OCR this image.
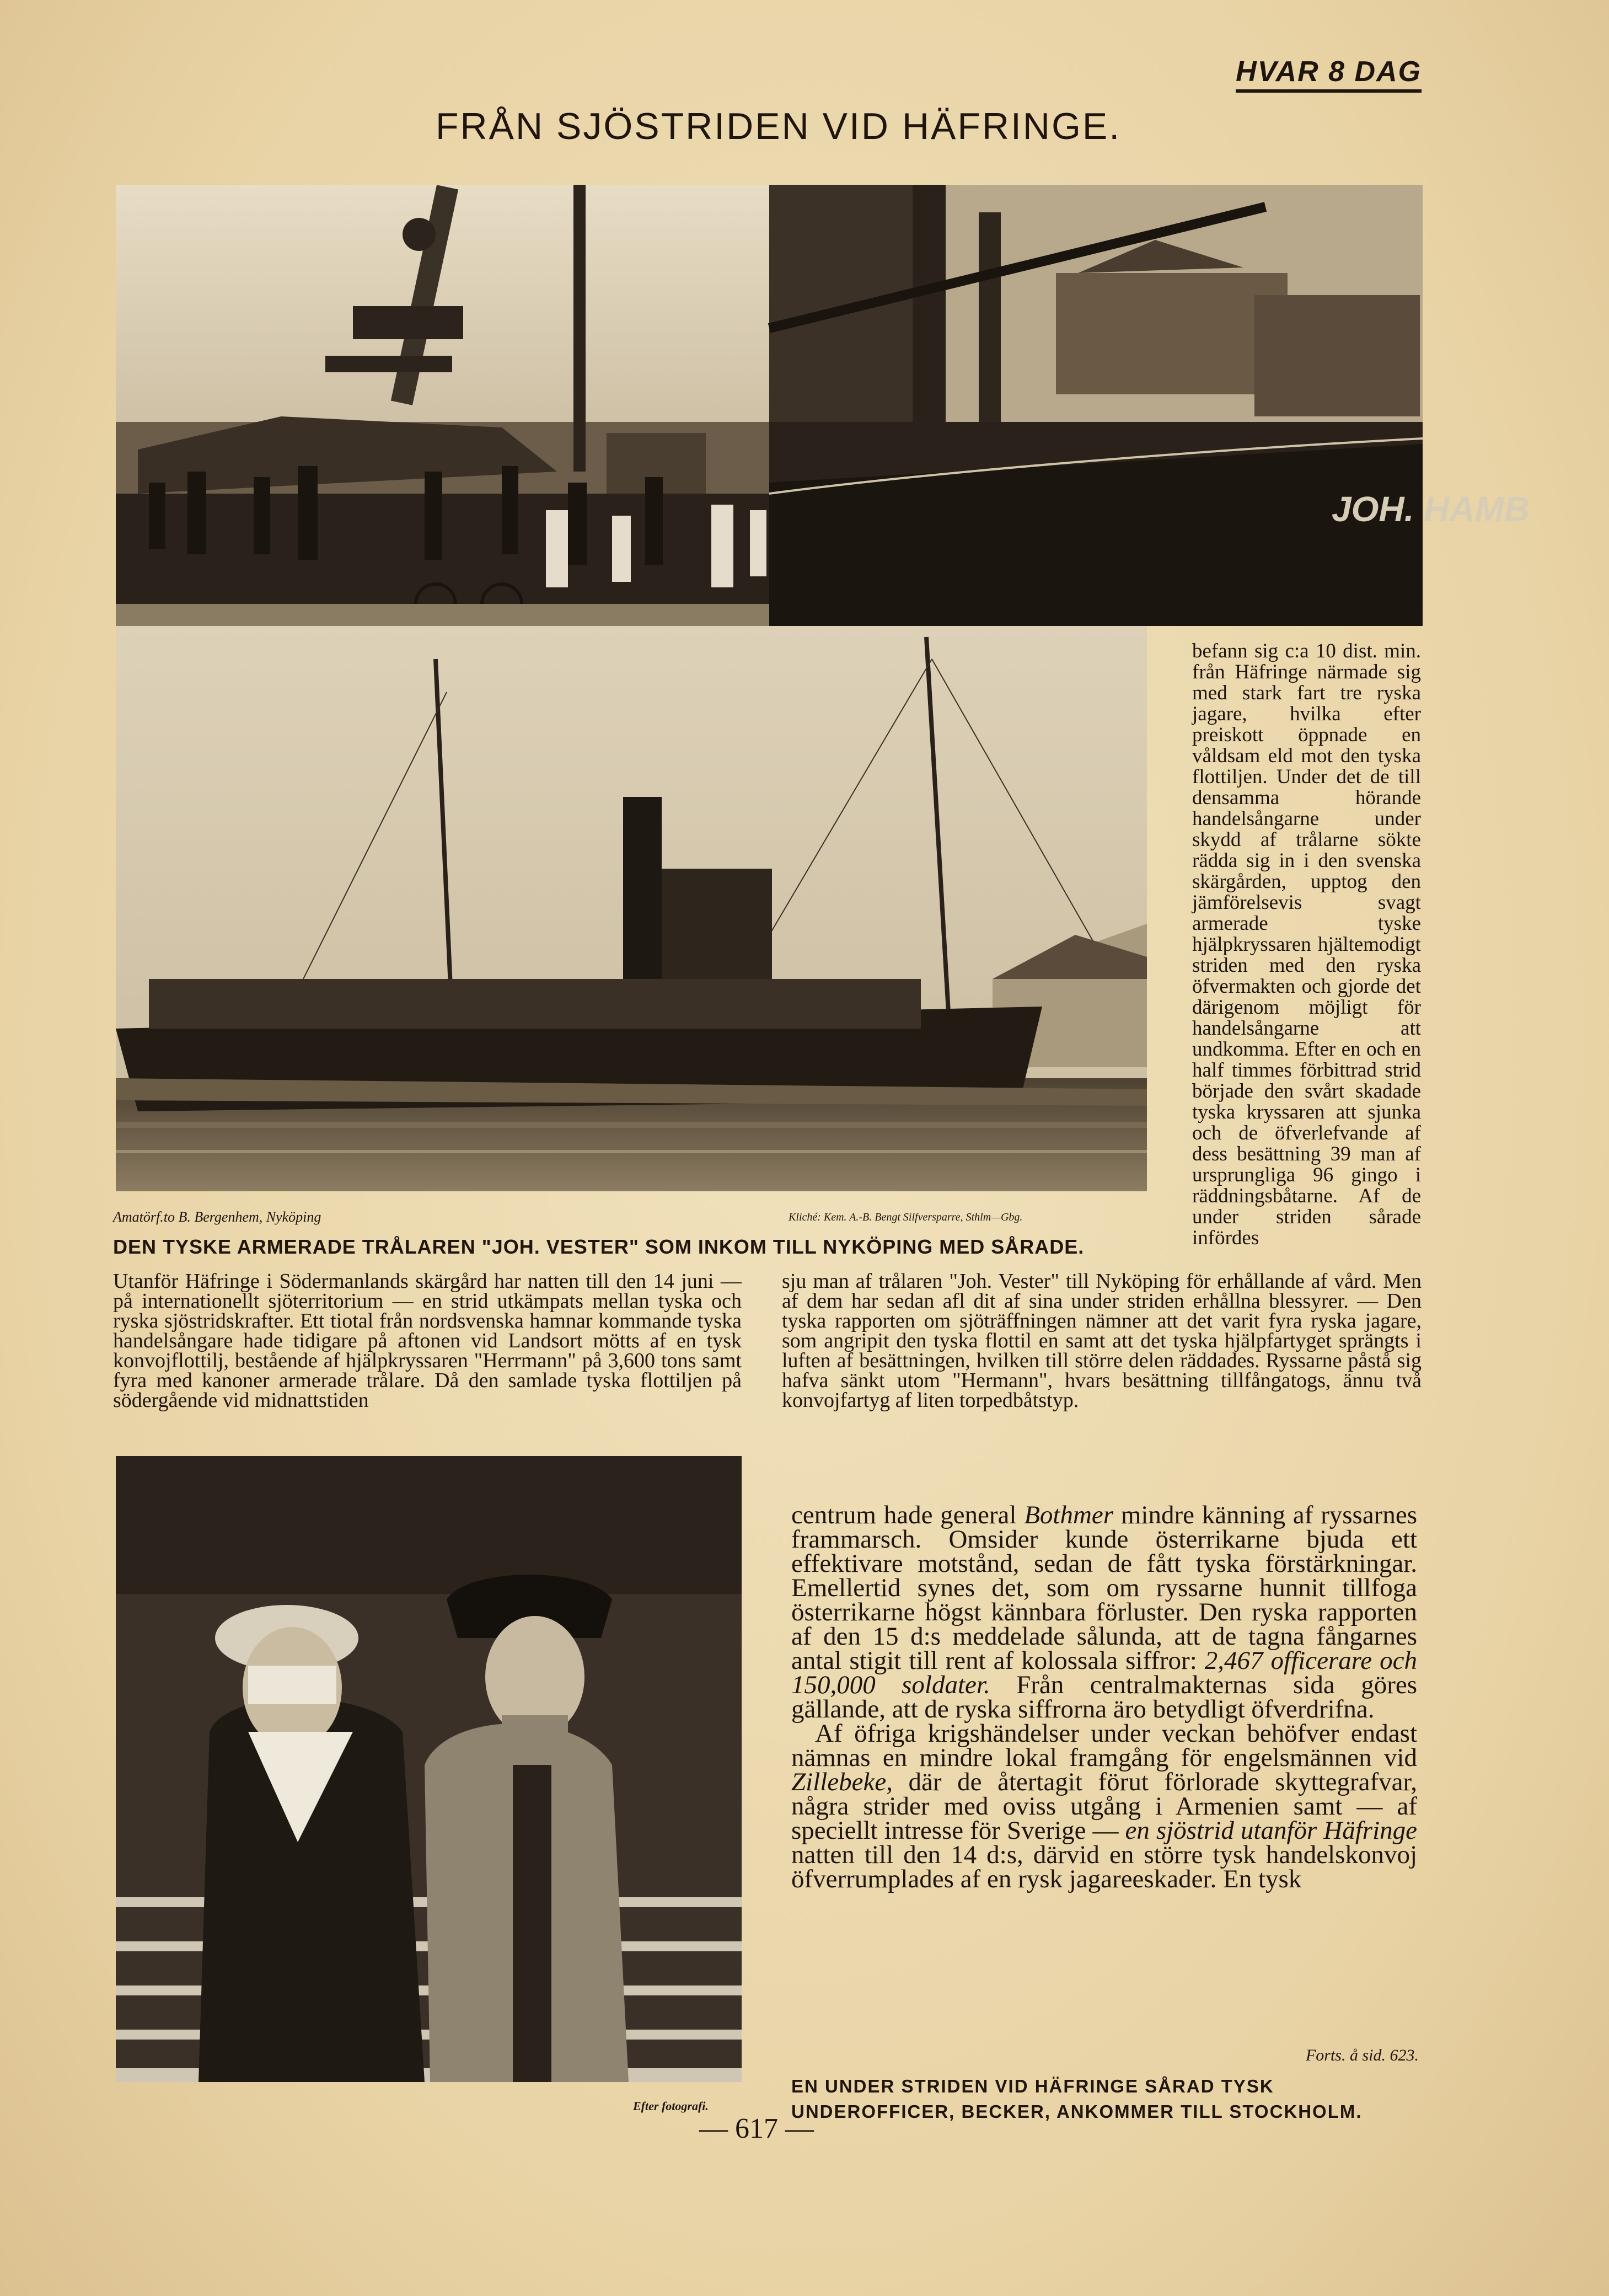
HVAR 8 DAG
FRÅN SJÖSTRIDEN VID HÄFRINGE.
JOH. HAMB
Amatörf.to B. Bergenhem, Nyköping	Kliché: Kem. A.-B. Bengt Silfversparre, Sthlm—Gbg.
DEN TYSKE ARMERADE TRÅLAREN "JOH. VESTER" SOM INKOM TILL NYKÖPING MED SÅRADE.
befann sig c:a 10 dist. min. från Häfringe närmade sig med stark fart tre ryska jagare, hvilka efter preiskott öppnade en våldsam eld mot den tyska flottiljen. Under det de till densamma hörande handelsångarne under skydd af trålarne sökte rädda sig in i den svenska skärgården, upptog den jämförelsevis svagt armerade tyske hjälpkryssaren hjältemodigt striden med den ryska öfvermakten och gjorde det därigenom möjligt för handelsångarne att undkomma. Efter en och en half timmes förbittrad strid började den svårt skadade tyska kryssaren att sjunka och de öfverlefvande af dess besättning 39 man af ursprungliga 96 gingo i räddningsbåtarne. Af de under striden sårade infördes
Utanför Häfringe i Södermanlands skärgård har natten till den 14 juni — på internationellt sjöterritorium — en strid utkämpats mellan tyska och ryska sjöstridskrafter. Ett tiotal från nordsvenska hamnar kommande tyska handelsångare hade tidigare på aftonen vid Landsort mötts af en tysk konvojflottilj, bestående af hjälpkryssaren "Herrmann" på 3,600 tons samt fyra med kanoner armerade trålare. Då den samlade tyska flottiljen på södergående vid midnattstiden
sju man af trålaren "Joh. Vester" till Nyköping för erhållande af vård. Men af dem har sedan afl dit af sina under striden erhållna blessyrer. — Den tyska rapporten om sjöträffningen nämner att det varit fyra ryska jagare, som angripit den tyska flottil en samt att det tyska hjälpfartyget sprängts i luften af besättningen, hvilken till större delen räddades. Ryssarne påstå sig hafva sänkt utom "Hermann", hvars besättning tillfångatogs, ännu två konvojfartyg af liten torpedbåtstyp.
centrum hade general Bothmer mindre känning af ryssarnes frammarsch. Omsider kunde österrikarne bjuda ett effektivare motstånd, sedan de fått tyska förstärkningar. Emellertid synes det, som om ryssarne hunnit tillfoga österrikarne högst kännbara förluster. Den ryska rapporten af den 15 d:s meddelade sålunda, att de tagna fångarnes antal stigit till rent af kolossala siffror: 2,467 officerare och 150,000 soldater. Från centralmakternas sida göres gällande, att de ryska siffrorna äro betydligt öfverdrifna.
Af öfriga krigshändelser under veckan behöfver endast nämnas en mindre lokal framgång för engelsmännen vid Zillebeke, där de återtagit förut förlorade skyttegrafvar, några strider med oviss utgång i Armenien samt — af speciellt intresse för Sverige — en sjöstrid utanför Häfringe natten till den 14 d:s, därvid en större tysk handelskonvoj öfverrumplades af en rysk jagareeskader. En tysk
Forts. å sid. 623.
EN UNDER STRIDEN VID HÄFRINGE SÅRAD TYSK UNDEROFFICER, BECKER, ANKOMMER TILL STOCKHOLM.
Efter fotografi.
— 617 —
